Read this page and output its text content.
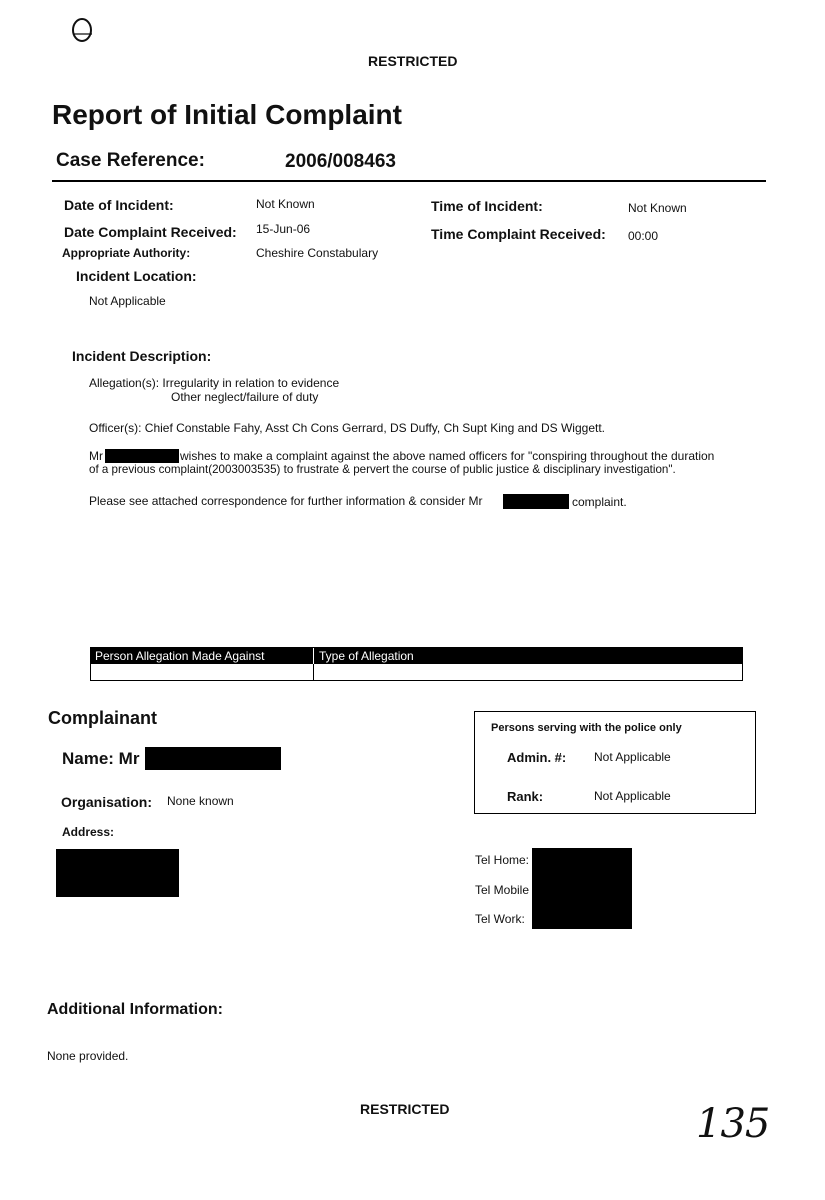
RESTRICTED
Report of Initial Complaint
Case Reference:	2006/008463
Date of Incident:	Not Known	Time of Incident:	Not Known
Date Complaint Received: 15-Jun-06	Time Complaint Received: 00:00
Appropriate Authority:	Cheshire Constabulary
Incident Location:
Not Applicable
Incident Description:
Allegation(s): Irregularity in relation to evidence
Other neglect/failure of duty
Officer(s): Chief Constable Fahy, Asst Ch Cons Gerrard, DS Duffy, Ch Supt King and DS Wiggett.
Mr	wishes to make a complaint against the above named officers for "conspiring throughout the duration
of a previous complaint(2003003535) to frustrate & pervert the course of public justice & disciplinary investigation".
Please see attached correspondence for further information & consider Mr	complaint.
Person Allegation Made Against	Type of Allegation
Complainant
Name: Mr
Organisation: None known
Address:
Persons serving with the police only
Admin. #: Not Applicable
Rank:	Not Applicable
Tel Home:
Tel Mobile
Tel Work:
Additional Information:
None provided.
RESTRICTED	135
